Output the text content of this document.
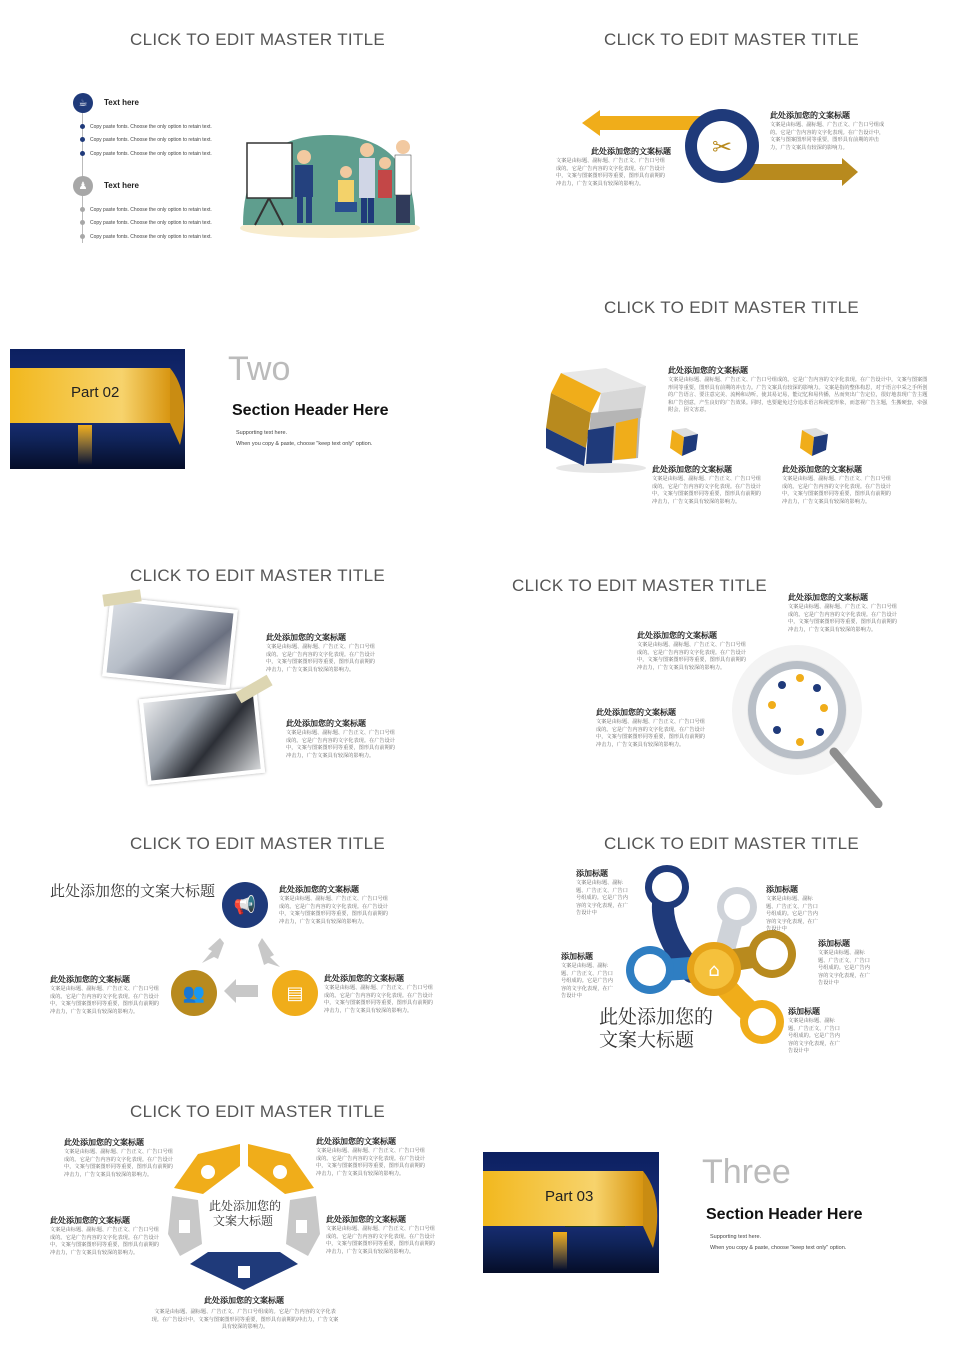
CLICK TO EDIT MASTER TITLE
☕	Text here
Copy paste fonts. Choose the only option to retain text.
Copy paste fonts. Choose the only option to retain text.
Copy paste fonts. Choose the only option to retain text.
♟	Text here
Copy paste fonts. Choose the only option to retain text.
Copy paste fonts. Choose the only option to retain text.
Copy paste fonts. Choose the only option to retain text.
CLICK TO EDIT MASTER TITLE
✂
此处添加您的文案标题
文案是由标题、副标题、广告正文、广告口号组成的。它是广告内容的文字化表现。在广告设计中，文案与图案图形同等重要，图形具有前期的冲击力，广告文案具有较深的影响力。
此处添加您的文案标题
文案是由标题、副标题、广告正文、广告口号组成的。它是广告内容的文字化表现。在广告设计中，文案与图案图形同等重要，图形具有前期的冲击力，广告文案具有较深的影响力。
Part 02
Two
Section Header Here
Supporting text here.
When you copy & paste, choose "keep text only" option.
CLICK TO EDIT MASTER TITLE
此处添加您的文案标题
文案是由标题、副标题、广告正文、广告口号组成的。它是广告内容的文字化表现。在广告设计中，文案与图案图形同等重要，图形具有前期的冲击力。广告文案具有较深的影响力。文案是指的整体构思，对于语言中采之手所创的广告语言、要注意完美、流畅和动听，使其易记易，能记忆和易传播，丛而突出广告定位，很好地表现广告主题和广告创意，产生良好的广告效果。同时，也要避免过分追求语言和视觉形象，而忽视广告主题，生搬硬套，牵强附会，因文害意。
此处添加您的文案标题
文案是由标题、副标题、广告正文、广告口号组成的。它是广告内容的文字化表现。在广告设计中，文案与图案图形同等重要，图形具有前期的冲击力，广告文案具有较深的影响力。
此处添加您的文案标题
文案是由标题、副标题、广告正文、广告口号组成的。它是广告内容的文字化表现。在广告设计中，文案与图案图形同等重要，图形具有前期的冲击力，广告文案具有较深的影响力。
CLICK TO EDIT MASTER TITLE
此处添加您的文案标题
文案是由标题、副标题、广告正文、广告口号组成的。它是广告内容的文字化表现。在广告设计中，文案与图案图形同等重要，图形具有前期的冲击力，广告文案具有较深的影响力。
此处添加您的文案标题
文案是由标题、副标题、广告正文、广告口号组成的。它是广告内容的文字化表现。在广告设计中，文案与图案图形同等重要，图形具有前期的冲击力，广告文案具有较深的影响力。
CLICK TO EDIT MASTER TITLE
此处添加您的文案标题
文案是由标题、副标题、广告正文、广告口号组成的。它是广告内容的文字化表现。在广告设计中，文案与图案图形同等重要，图形具有前期的冲击力，广告文案具有较深的影响力。
此处添加您的文案标题
文案是由标题、副标题、广告正文、广告口号组成的。它是广告内容的文字化表现。在广告设计中，文案与图案图形同等重要，图形具有前期的冲击力，广告文案具有较深的影响力。
此处添加您的文案标题
文案是由标题、副标题、广告正文、广告口号组成的。它是广告内容的文字化表现。在广告设计中，文案与图案图形同等重要，图形具有前期的冲击力，广告文案具有较深的影响力。
CLICK TO EDIT MASTER TITLE
此处添加您的文案大标题
📢
👥	▤
此处添加您的文案标题
文案是由标题、副标题、广告正文、广告口号组成的。它是广告内容的文字化表现。在广告设计中，文案与图案图形同等重要，图形具有前期的冲击力，广告文案具有较深的影响力。
此处添加您的文案标题
文案是由标题、副标题、广告正文、广告口号组成的。它是广告内容的文字化表现。在广告设计中，文案与图案图形同等重要，图形具有前期的冲击力，广告文案具有较深的影响力。
此处添加您的文案标题
文案是由标题、副标题、广告正文、广告口号组成的。它是广告内容的文字化表现。在广告设计中，文案与图案图形同等重要，图形具有前期的冲击力，广告文案具有较深的影响力。
CLICK TO EDIT MASTER TITLE
⌂
此处添加您的
文案大标题
添加标题
文案是由标题、副标题、广告正文、广告口号组成的。它是广告内容的文字化表现，在广告设计中
添加标题
文案是由标题、副标题、广告正文、广告口号组成的。它是广告内容的文字化表现，在广告设计中
添加标题
文案是由标题、副标题、广告正文、广告口号组成的。它是广告内容的文字化表现，在广告设计中
添加标题
文案是由标题、副标题、广告正文、广告口号组成的。它是广告内容的文字化表现，在广告设计中
添加标题
文案是由标题、副标题、广告正文、广告口号组成的。它是广告内容的文字化表现，在广告设计中
CLICK TO EDIT MASTER TITLE
此处添加您的
文案大标题
此处添加您的文案标题
文案是由标题、副标题、广告正文、广告口号组成的。它是广告内容的文字化表现。在广告设计中，文案与图案图形同等重要，图形具有前期的冲击力，广告文案具有较深的影响力。
此处添加您的文案标题
文案是由标题、副标题、广告正文、广告口号组成的。它是广告内容的文字化表现。在广告设计中，文案与图案图形同等重要，图形具有前期的冲击力，广告文案具有较深的影响力。
此处添加您的文案标题
文案是由标题、副标题、广告正文、广告口号组成的。它是广告内容的文字化表现。在广告设计中，文案与图案图形同等重要，图形具有前期的冲击力，广告文案具有较深的影响力。
此处添加您的文案标题
文案是由标题、副标题、广告正文、广告口号组成的。它是广告内容的文字化表现。在广告设计中，文案与图案图形同等重要，图形具有前期的冲击力，广告文案具有较深的影响力。
此处添加您的文案标题
文案是由标题、副标题、广告正文、广告口号组成的。它是广告内容的文字化表现。在广告设计中，文案与图案图形同等重要，图形具有前期的冲击力，广告文案具有较深的影响力。
Part 03
Three
Section Header Here
Supporting text here.
When you copy & paste, choose "keep text only" option.
